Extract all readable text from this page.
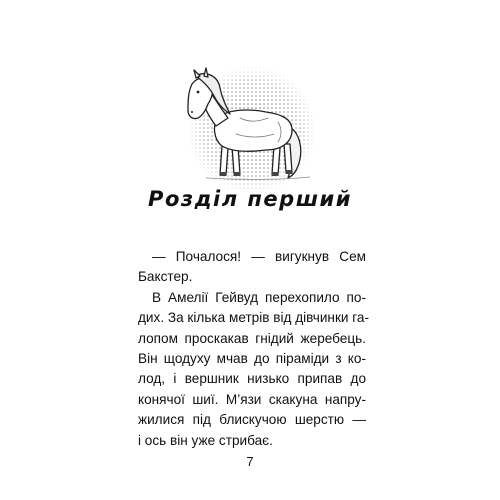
Розділ перший
— Почалося! — вигукнув Сем
Бакстер.
В Амелії Гейвуд перехопило по-
дих. За кілька метрів від дівчинки га-
лопом проскакав гнідий жеребець.
Він щодуху мчав до піраміди з ко-
лод, і вершник низько припав до
конячої шиї. М’язи скакуна напру-
жилися під блискучою шерстю —
і ось він уже стрибає.
7
